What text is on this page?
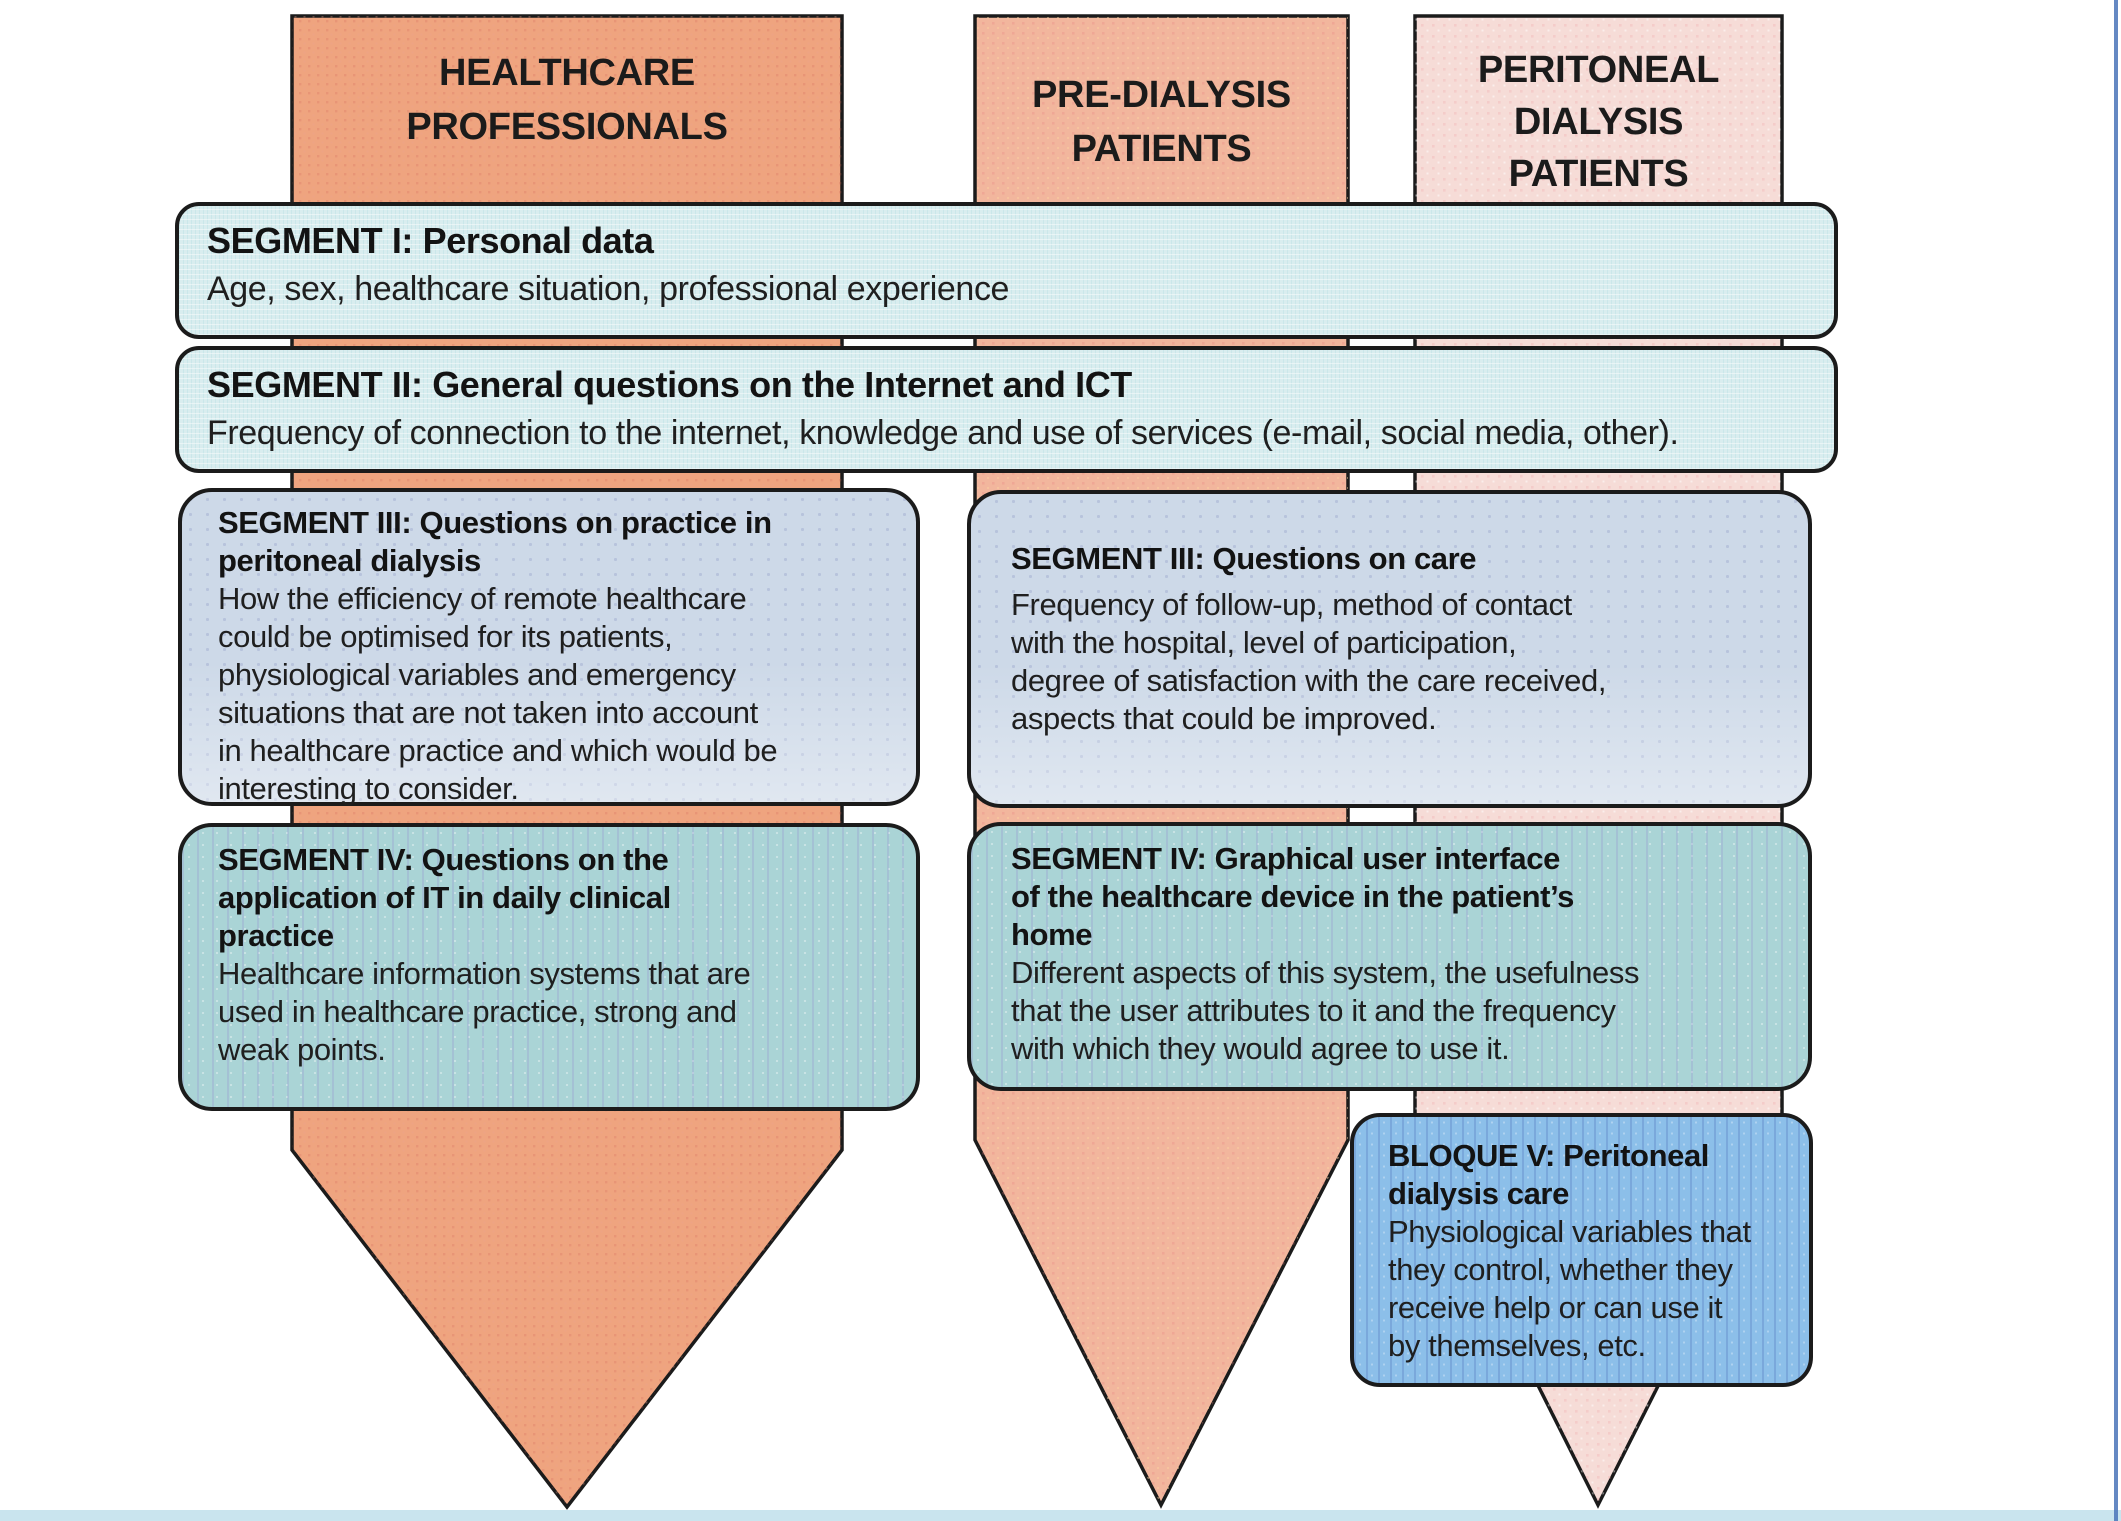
HEALTHCARE
PROFESSIONALS
PRE-DIALYSIS
PATIENTS
PERITONEAL
DIALYSIS
PATIENTS
SEGMENT I: Personal data
Age, sex, healthcare situation, professional experience
SEGMENT II: General questions on the Internet and ICT
Frequency of connection to the internet, knowledge and use of services (e-mail, social media, other).
SEGMENT III: Questions on practice in
peritoneal dialysis
How the efficiency of remote healthcare
could be optimised for its patients,
physiological variables and emergency
situations that are not taken into account
in healthcare practice and which would be
interesting to consider.
SEGMENT III: Questions on care
Frequency of follow-up, method of contact
with the hospital, level of participation,
degree of satisfaction with the care received,
aspects that could be improved.
SEGMENT IV: Questions on the
application of IT in daily clinical
practice
Healthcare information systems that are
used in healthcare practice, strong and
weak points.
SEGMENT IV: Graphical user interface
of the healthcare device in the patient’s
home
Different aspects of this system, the usefulness
that the user attributes to it and the frequency
with which they would agree to use it.
BLOQUE V: Peritoneal
dialysis care
Physiological variables that
they control, whether they
receive help or can use it
by themselves, etc.
